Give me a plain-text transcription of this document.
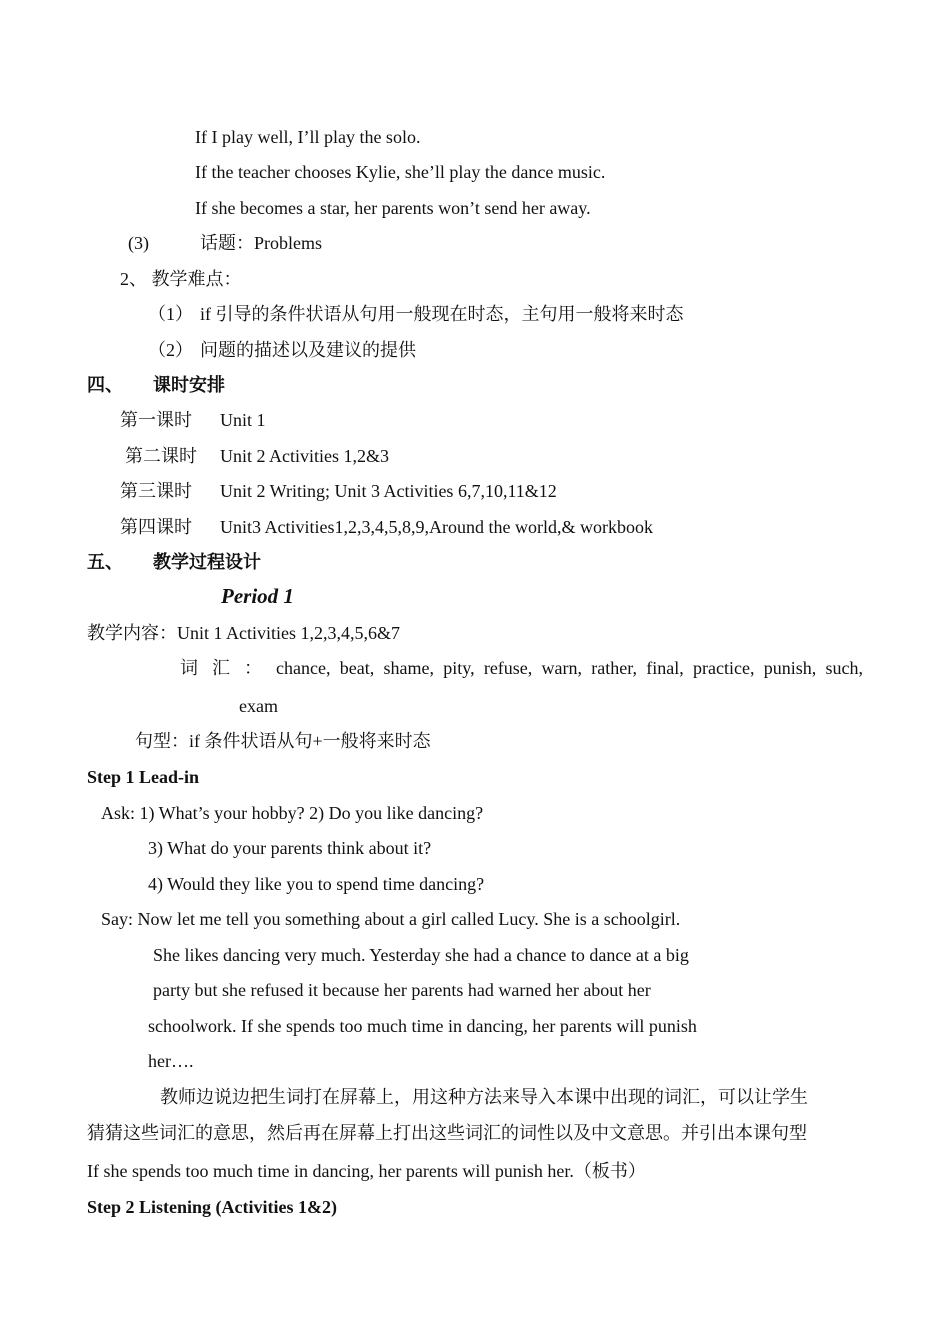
If I play well, I’ll play the solo.
If the teacher chooses Kylie, she’ll play the dance music.
If she becomes a star, her parents won’t send her away.
(3)	话题：Problems
2、 教学难点：
（1） if 引导的条件状语从句用一般现在时态，主句用一般将来时态
（2） 问题的描述以及建议的提供
四、 课时安排
第一课时 Unit 1
第二课时 Unit 2 Activities 1,2&3
第三课时 Unit 2 Writing; Unit 3 Activities 6,7,10,11&12
第四课时 Unit3 Activities1,2,3,4,5,8,9,Around the world,& workbook
五、 教学过程设计
Period 1
教学内容：Unit 1 Activities 1,2,3,4,5,6&7
词 汇 ： chance, beat, shame, pity, refuse, warn, rather, final, practice, punish, such,
exam
句型：if 条件状语从句+一般将来时态
Step 1 Lead-in
Ask: 1) What’s your hobby? 2) Do you like dancing?
3) What do your parents think about it?
4) Would they like you to spend time dancing?
Say: Now let me tell you something about a girl called Lucy. She is a schoolgirl.
She likes dancing very much. Yesterday she had a chance to dance at a big
party but she refused it because her parents had warned her about her
schoolwork. If she spends too much time in dancing, her parents will punish
her….
教师边说边把生词打在屏幕上，用这种方法来导入本课中出现的词汇，可以让学生
猜猜这些词汇的意思，然后再在屏幕上打出这些词汇的词性以及中文意思。并引出本课句型
If she spends too much time in dancing, her parents will punish her.（板书）
Step 2 Listening (Activities 1&2)
